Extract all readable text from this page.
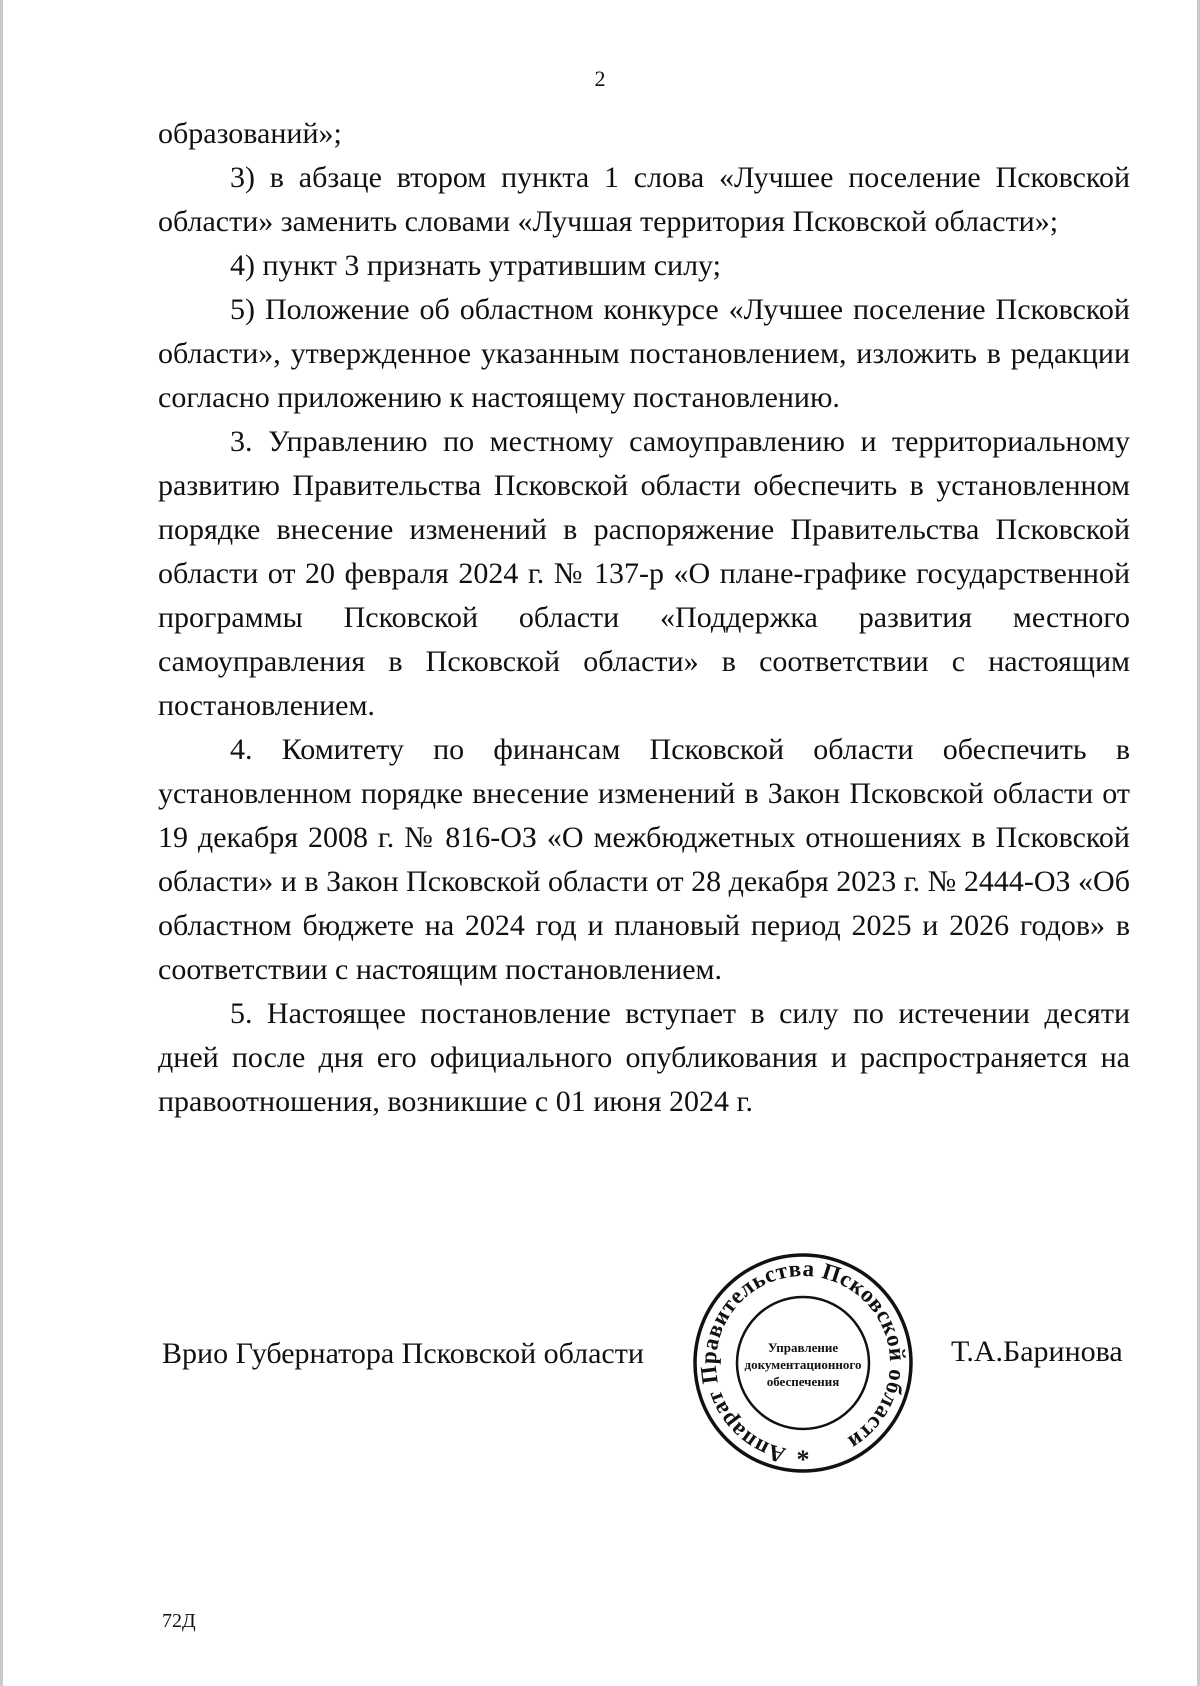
2

образований»;

3) в абзаце втором пункта 1 слова «Лучшее поселение Псковской области» заменить словами «Лучшая территория Псковской области»;

4) пункт 3 признать утратившим силу;

5) Положение об областном конкурсе «Лучшее поселение Псковской области», утвержденное указанным постановлением, изложить в редакции согласно приложению к настоящему постановлению.

3. Управлению по местному самоуправлению и территориальному развитию Правительства Псковской области обеспечить в установленном порядке внесение изменений в распоряжение Правительства Псковской области от 20 февраля 2024 г. № 137-р «О плане-графике государственной программы Псковской области «Поддержка развития местного самоуправления в Псковской области» в соответствии с настоящим постановлением.

4. Комитету по финансам Псковской области обеспечить в установленном порядке внесение изменений в Закон Псковской области от 19 декабря 2008 г. № 816-ОЗ «О межбюджетных отношениях в Псковской области» и в Закон Псковской области от 28 декабря 2023 г. № 2444-ОЗ «Об областном бюджете на 2024 год и плановый период 2025 и 2026 годов» в соответствии с настоящим постановлением.

5. Настоящее постановление вступает в силу по истечении десяти дней после дня его официального опубликования и распространяется на правоотношения, возникшие с 01 июня 2024 г.

Врио Губернатора Псковской области
Аппарат Правительства Псковской области
Управление
документационного
обеспечения
*
Т.А.Баринова
72Д
